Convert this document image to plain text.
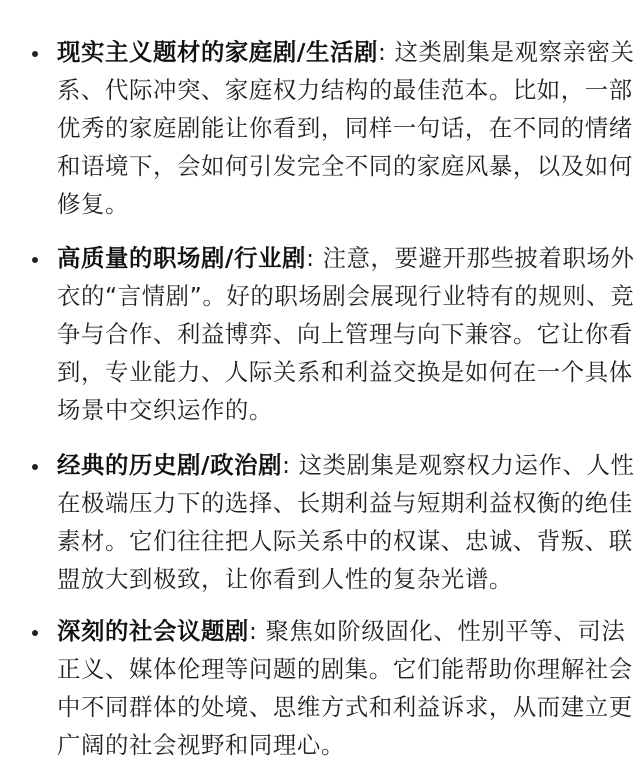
现实主义题材的家庭剧/生活剧: 这类剧集是观察亲密关系、代际冲突、家庭权力结构的最佳范本。比如，一部优秀的家庭剧能让你看到，同样一句话，在不同的情绪和语境下，会如何引发完全不同的家庭风暴，以及如何修复。
高质量的职场剧/行业剧: 注意，要避开那些披着职场外衣的“言情剧”。好的职场剧会展现行业特有的规则、竞争与合作、利益博弈、向上管理与向下兼容。它让你看到，专业能力、人际关系和利益交换是如何在一个具体场景中交织运作的。
经典的历史剧/政治剧: 这类剧集是观察权力运作、人性在极端压力下的选择、长期利益与短期利益权衡的绝佳素材。它们往往把人际关系中的权谋、忠诚、背叛、联盟放大到极致，让你看到人性的复杂光谱。
深刻的社会议题剧: 聚焦如阶级固化、性别平等、司法正义、媒体伦理等问题的剧集。它们能帮助你理解社会中不同群体的处境、思维方式和利益诉求，从而建立更广阔的社会视野和同理心。
